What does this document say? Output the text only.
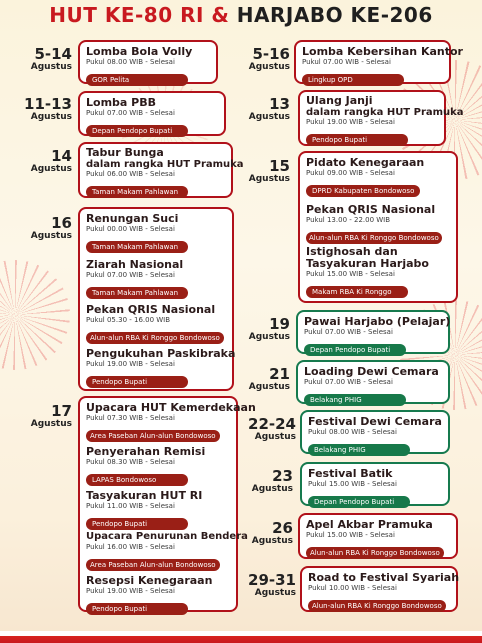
HUT KE-80 RI & HARJABO KE-206
5-14
Agustus
Lomba Bola Volly
Pukul 08.00 WIB - Selesai
GOR Pelita
11-13
Agustus
Lomba PBB
Pukul 07.00 WIB - Selesai
Depan Pendopo Bupati
14
Agustus
Tabur Bunga
dalam rangka HUT Pramuka
Pukul 06.00 WIB - Selesai
Taman Makam Pahlawan
16
Agustus
Renungan Suci
Pukul 00.00 WIB - Selesai
Taman Makam Pahlawan
Ziarah Nasional
Pukul 07.00 WIB - Selesai
Taman Makam Pahlawan
Pekan QRIS Nasional
Pukul 05.30 - 16.00 WIB
Alun-alun RBA Ki Ronggo Bondowoso
Pengukuhan Paskibraka
Pukul 19.00 WIB - Selesai
Pendopo Bupati
17
Agustus
Upacara HUT Kemerdekaan
Pukul 07.30 WIB - Selesai
Area Paseban Alun-alun Bondowoso
Penyerahan Remisi
Pukul 08.30 WIB - Selesai
LAPAS Bondowoso
Tasyakuran HUT RI
Pukul 11.00 WIB - Selesai
Pendopo Bupati
Upacara Penurunan Bendera
Pukul 16.00 WIB - Selesai
Area Paseban Alun-alun Bondowoso
Resepsi Kenegaraan
Pukul 19.00 WIB - Selesai
Pendopo Bupati
5-16
Agustus
Lomba Kebersihan Kantor
Pukul 07.00 WIB - Selesai
Lingkup OPD
13
Agustus
Ulang Janji
dalam rangka HUT Pramuka
Pukul 19.00 WIB - Selesai
Pendopo Bupati
15
Agustus
Pidato Kenegaraan
Pukul 09.00 WIB - Selesai
DPRD Kabupaten Bondowoso
Pekan QRIS Nasional
Pukul 13.00 - 22.00 WIB
Alun-alun RBA Ki Ronggo Bondowoso
Istighosah dan
Tasyakuran Harjabo
Pukul 15.00 WIB - Selesai
Makam RBA Ki Ronggo
19
Agustus
Pawai Harjabo (Pelajar)
Pukul 07.00 WIB - Selesai
Depan Pendopo Bupati
21
Agustus
Loading Dewi Cemara
Pukul 07.00 WIB - Selesai
Belakang PHIG
22-24
Agustus
Festival Dewi Cemara
Pukul 08.00 WIB - Selesai
Belakang PHIG
23
Agustus
Festival Batik
Pukul 15.00 WIB - Selesai
Depan Pendopo Bupati
26
Agustus
Apel Akbar Pramuka
Pukul 15.00 WIB - Selesai
Alun-alun RBA Ki Ronggo Bondowoso
29-31
Agustus
Road to Festival Syariah
Pukul 10.00 WIB - Selesai
Alun-alun RBA Ki Ronggo Bondowoso
